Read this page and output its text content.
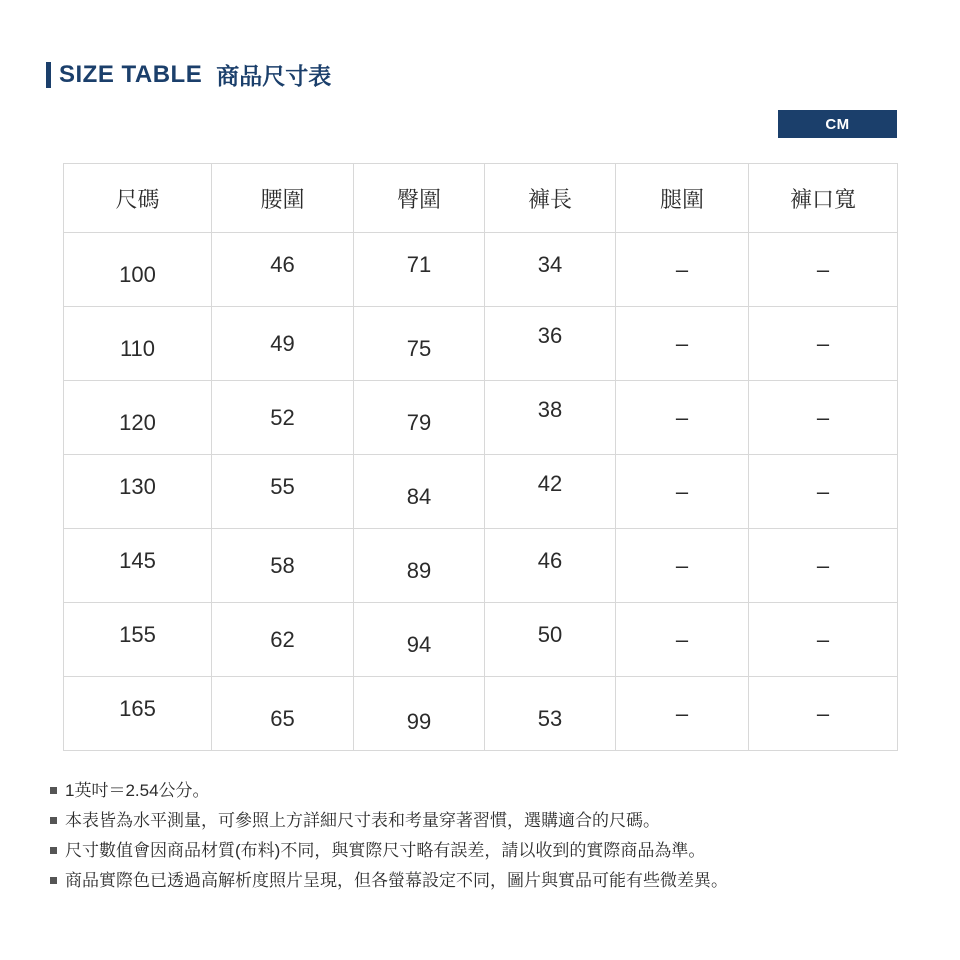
SIZE TABLE 商品尺寸表
CM
尺碼	腰圍	臀圍	褲長	腿圍	褲口寬
100	46	71	34	–	–
110	49	75	36	–	–
120	52	79	38	–	–
130	55	84	42	–	–
145	58	89	46	–	–
155	62	94	50	–	–
165	65	99	53	–	–
1英吋＝2.54公分。
本表皆為水平測量，可參照上方詳細尺寸表和考量穿著習慣，選購適合的尺碼。
尺寸數值會因商品材質(布料)不同，與實際尺寸略有誤差，請以收到的實際商品為準。
商品實際色已透過高解析度照片呈現，但各螢幕設定不同，圖片與實品可能有些微差異。
